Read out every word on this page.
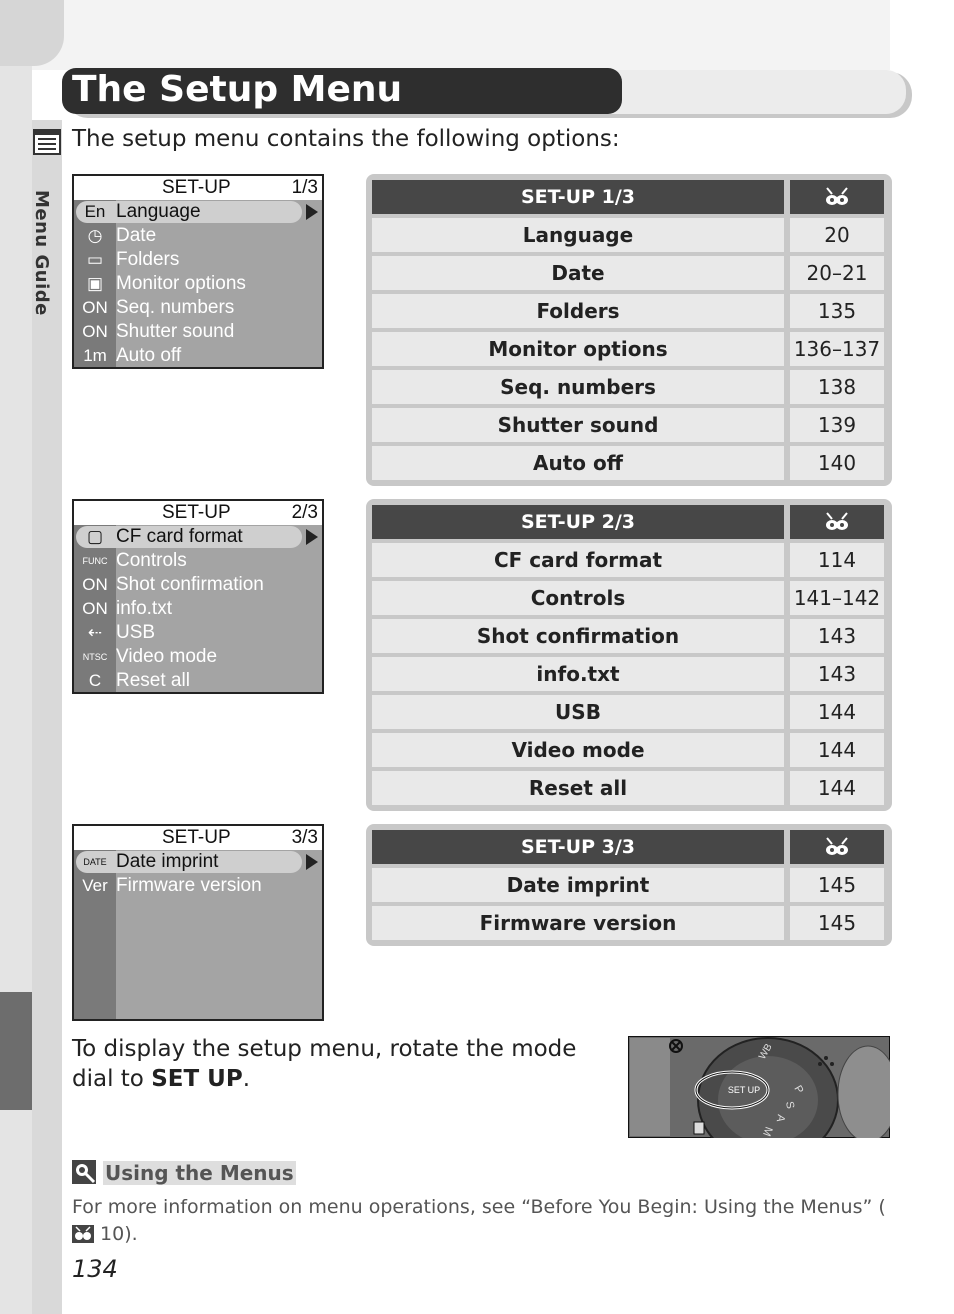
Menu Guide
The Setup Menu
The setup menu contains the following options:
SET-UP	1/3
En Language
◷ Date
▭ Folders
▣ Monitor options
ON Seq. numbers
ON Shutter sound
1m Auto off
SET-UP	2/3
▢ CF card format
FUNC Controls
ON Shot confirmation
ON info.txt
⇠ USB
NTSC Video mode
C Reset all
SET-UP	3/3
DATE Date imprint
Ver Firmware version
SET-UP 1/3
Language	20
Date	20–21
Folders	135
Monitor options	136–137
Seq. numbers	138
Shutter sound	139
Auto off	140
SET-UP 2/3
CF card format	114
Controls	141–142
Shot confirmation	143
info.txt	143
USB	144
Video mode	144
Reset all	144
SET-UP 3/3
Date imprint	145
Firmware version	145
To display the setup menu, rotate the mode dial to SET UP.	SET UP
WB
P
S
A
M
Using the Menus
For more information on menu operations, see “Before You Begin: Using the Menus” ( 10).
134
